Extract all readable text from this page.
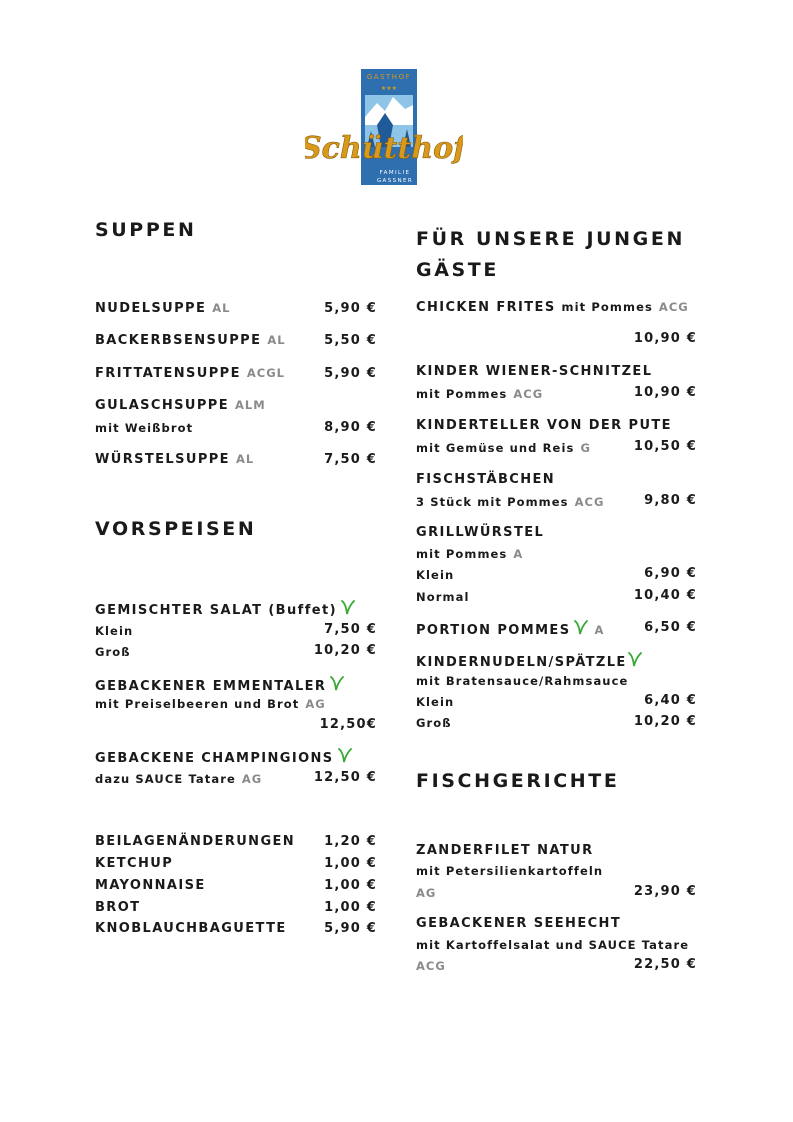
GASTHOF
★★★
Schütthof
FAMILIE
GASSNER
SUPPEN
NUDELSUPPE AL	5,90 €
BACKERBSENSUPPE AL	5,50 €
FRITTATENSUPPE ACGL	5,90 €
GULASCHSUPPE ALM
mit Weißbrot	8,90 €
WÜRSTELSUPPE AL	7,50 €
VORSPEISEN
GEMISCHTER SALAT (Buffet)
Klein	7,50 €
Groß	10,20 €
GEBACKENER EMMENTALER
mit Preiselbeeren und Brot AG
12,50€
GEBACKENE CHAMPINGIONS
dazu SAUCE Tatare AG	12,50 €
BEILAGENÄNDERUNGEN 1,20 €
KETCHUP	1,00 €
MAYONNAISE	1,00 €
BROT	1,00 €
KNOBLAUCHBAGUETTE	5,90 €
FÜR UNSERE JUNGEN
GÄSTE
CHICKEN FRITES mit Pommes ACG
10,90 €
KINDER WIENER-SCHNITZEL
mit Pommes ACG	10,90 €
KINDERTELLER VON DER PUTE
mit Gemüse und Reis G	10,50 €
FISCHSTÄBCHEN
3 Stück mit Pommes ACG	9,80 €
GRILLWÜRSTEL
mit Pommes A
Klein	6,90 €
Normal	10,40 €
PORTION POMMES A	6,50 €
KINDERNUDELN/SPÄTZLE
mit Bratensauce/Rahmsauce
Klein	6,40 €
Groß	10,20 €
FISCHGERICHTE
ZANDERFILET NATUR
mit Petersilienkartoffeln
AG	23,90 €
GEBACKENER SEEHECHT
mit Kartoffelsalat und SAUCE Tatare
ACG	22,50 €
